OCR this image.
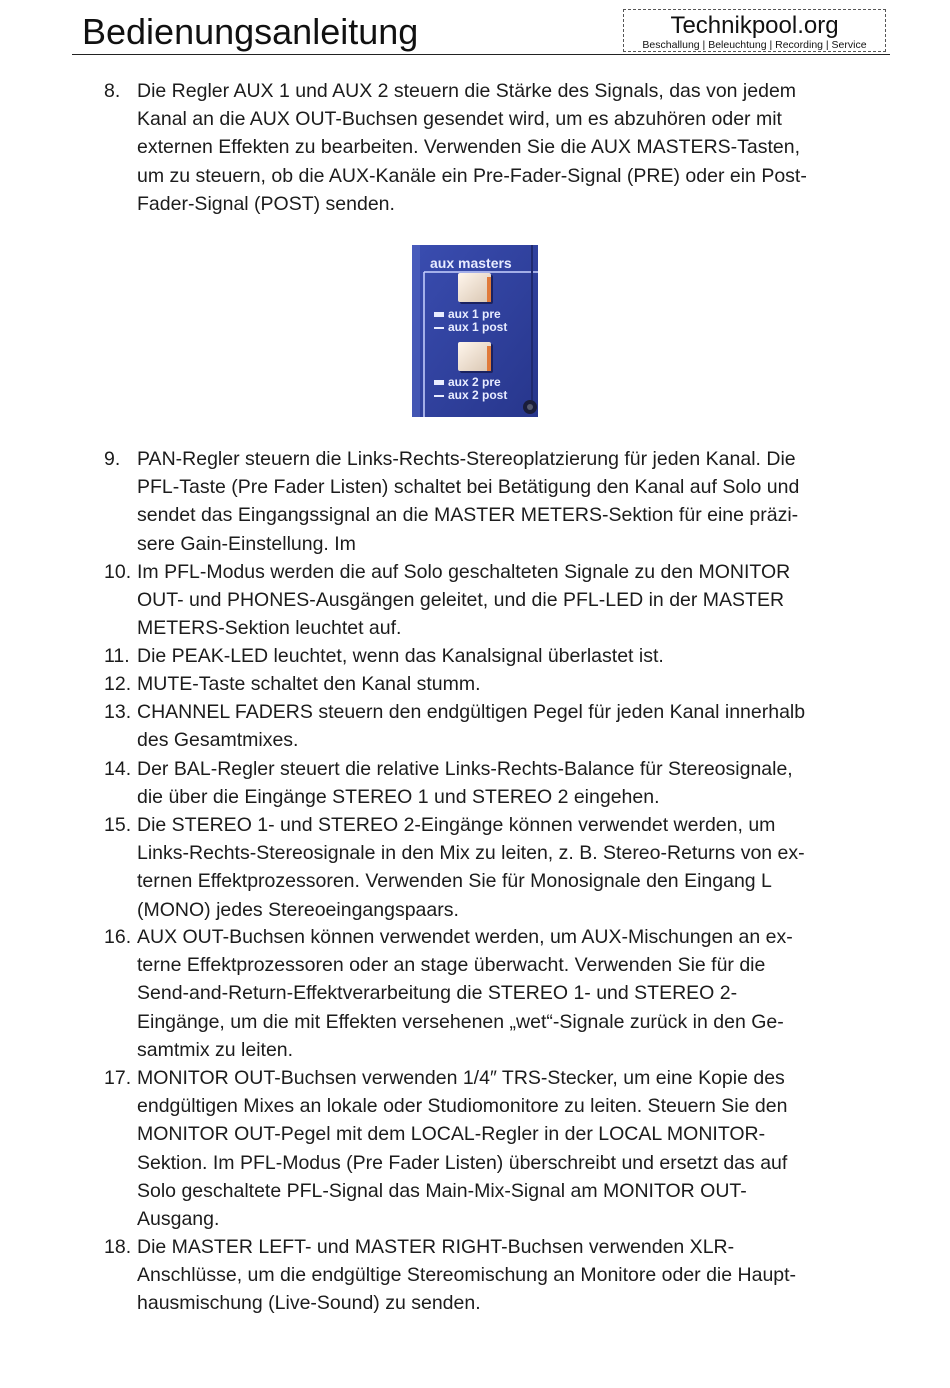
Bedienungsanleitung	Technikpool.org
Beschallung | Beleuchtung | Recording | Service
8. Die Regler AUX 1 und AUX 2 steuern die Stärke des Signals, das von jedem
Kanal an die AUX OUT-Buchsen gesendet wird, um es abzuhören oder mit
externen Effekten zu bearbeiten. Verwenden Sie die AUX MASTERS-Tasten,
um zu steuern, ob die AUX-Kanäle ein Pre-Fader-Signal (PRE) oder ein Post-
Fader-Signal (POST) senden.
aux masters
aux 1 pre
aux 1 post
aux 2 pre
aux 2 post
9. PAN-Regler steuern die Links-Rechts-Stereoplatzierung für jeden Kanal. Die
PFL-Taste (Pre Fader Listen) schaltet bei Betätigung den Kanal auf Solo und
sendet das Eingangssignal an die MASTER METERS-Sektion für eine präzi-
sere Gain-Einstellung. Im
10. Im PFL-Modus werden die auf Solo geschalteten Signale zu den MONITOR
OUT- und PHONES-Ausgängen geleitet, und die PFL-LED in der MASTER
METERS-Sektion leuchtet auf.
11. Die PEAK-LED leuchtet, wenn das Kanalsignal überlastet ist.
12. MUTE-Taste schaltet den Kanal stumm.
13. CHANNEL FADERS steuern den endgültigen Pegel für jeden Kanal innerhalb
des Gesamtmixes.
14. Der BAL-Regler steuert die relative Links-Rechts-Balance für Stereosignale,
die über die Eingänge STEREO 1 und STEREO 2 eingehen.
15. Die STEREO 1- und STEREO 2-Eingänge können verwendet werden, um
Links-Rechts-Stereosignale in den Mix zu leiten, z. B. Stereo-Returns von ex-
ternen Effektprozessoren. Verwenden Sie für Monosignale den Eingang L
(MONO) jedes Stereoeingangspaars.
16. AUX OUT-Buchsen können verwendet werden, um AUX-Mischungen an ex-
terne Effektprozessoren oder an stage überwacht. Verwenden Sie für die
Send-and-Return-Effektverarbeitung die STEREO 1- und STEREO 2-
Eingänge, um die mit Effekten versehenen „wet“-Signale zurück in den Ge-
samtmix zu leiten.
17. MONITOR OUT-Buchsen verwenden 1/4″ TRS-Stecker, um eine Kopie des
endgültigen Mixes an lokale oder Studiomonitore zu leiten. Steuern Sie den
MONITOR OUT-Pegel mit dem LOCAL-Regler in der LOCAL MONITOR-
Sektion. Im PFL-Modus (Pre Fader Listen) überschreibt und ersetzt das auf
Solo geschaltete PFL-Signal das Main-Mix-Signal am MONITOR OUT-
Ausgang.
18. Die MASTER LEFT- und MASTER RIGHT-Buchsen verwenden XLR-
Anschlüsse, um die endgültige Stereomischung an Monitore oder die Haupt-
hausmischung (Live-Sound) zu senden.
